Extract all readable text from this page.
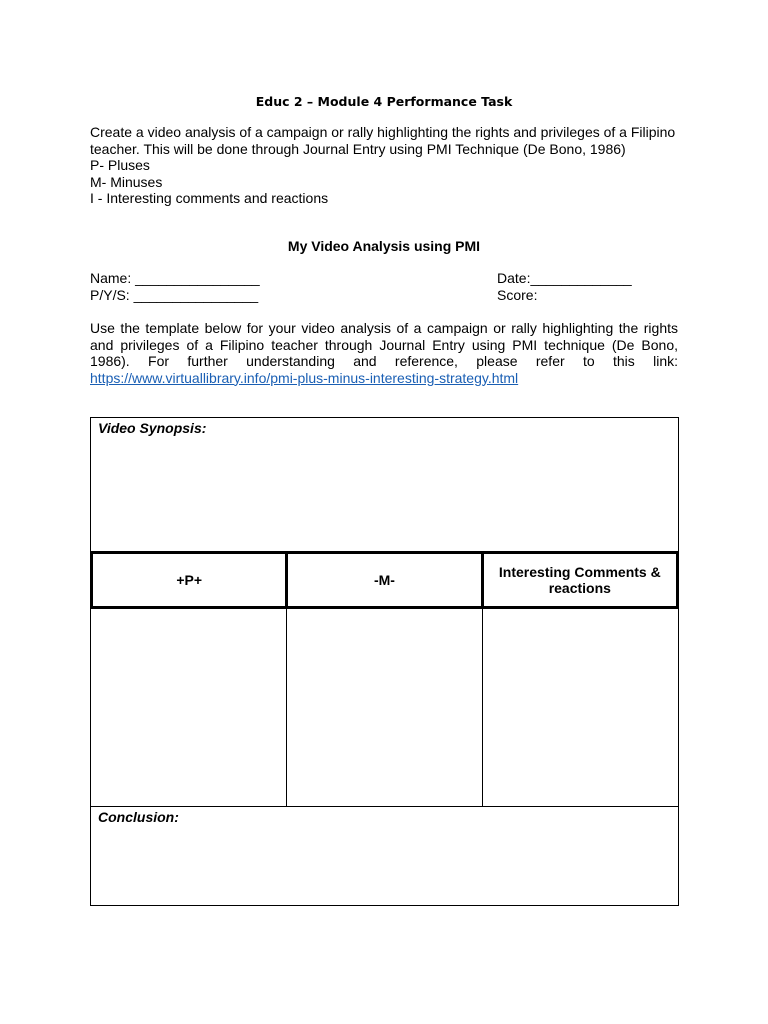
Educ 2 – Module 4 Performance Task

Create a video analysis of a campaign or rally highlighting the rights and privileges of a Filipino teacher. This will be done through Journal Entry using PMI Technique (De Bono, 1986)

P- Pluses

M- Minuses

I - Interesting comments and reactions

My Video Analysis using PMI
Name: ________________
P/Y/S: ________________
Date:_____________
Score:
Use the template below for your video analysis of a campaign or rally highlighting the rights and privileges of a Filipino teacher through Journal Entry using PMI technique (De Bono, 1986). For further understanding and reference, please refer to this link: https://www.virtuallibrary.info/pmi-plus-minus-interesting-strategy.html
Video Synopsis:
+P+	-M-
Interesting Comments & reactions
Conclusion:
